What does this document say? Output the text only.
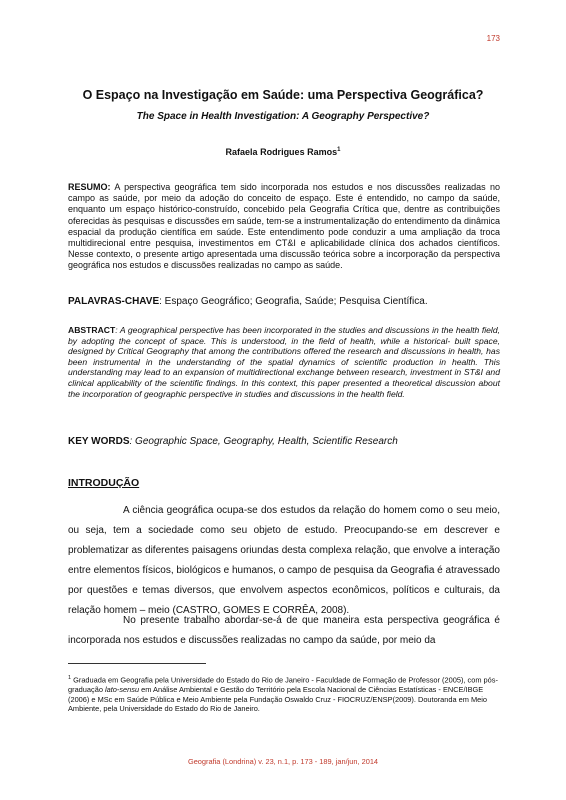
173
O Espaço na Investigação em Saúde: uma Perspectiva Geográfica?
The Space in Health Investigation: A Geography Perspective?
Rafaela Rodrigues Ramos$^1$

RESUMO: A perspectiva geográfica tem sido incorporada nos estudos e nos discussões realizadas no campo as saúde, por meio da adoção do conceito de espaço. Este é entendido, no campo da saúde, enquanto um espaço histórico-construído, concebido pela Geografia Crítica que, dentre as contribuições oferecidas às pesquisas e discussões em saúde, tem-se a instrumentalização do entendimento da dinâmica espacial da produção científica em saúde. Este entendimento pode conduzir a uma ampliação da troca multidirecional entre pesquisa, investimentos em CT&I e aplicabilidade clínica dos achados científicos. Nesse contexto, o presente artigo apresentada uma discussão teórica sobre a incorporação da perspectiva geográfica nos estudos e discussões realizadas no campo as saúde.

PALAVRAS-CHAVE: Espaço Geográfico; Geografia, Saúde; Pesquisa Científica.

ABSTRACT: A geographical perspective has been incorporated in the studies and discussions in the health field, by adopting the concept of space. This is understood, in the field of health, while a historical- built space, designed by Critical Geography that among the contributions offered the research and discussions in health, has been instrumental in the understanding of the spatial dynamics of scientific production in health. This understanding may lead to an expansion of multidirectional exchange between research, investment in ST&I and clinical applicability of the scientific findings. In this context, this paper presented a theoretical discussion about the incorporation of geographic perspective in studies and discussions in the health field.

KEY WORDS: Geographic Space, Geography, Health, Scientific Research

INTRODUÇÃO

A ciência geográfica ocupa-se dos estudos da relação do homem como o seu meio, ou seja, tem a sociedade como seu objeto de estudo. Preocupando-se em descrever e problematizar as diferentes paisagens oriundas desta complexa relação, que envolve a interação entre elementos físicos, biológicos e humanos, o campo de pesquisa da Geografia é atravessado por questões e temas diversos, que envolvem aspectos econômicos, políticos e culturais, da relação homem – meio (CASTRO, GOMES E CORRÊA, 2008).

No presente trabalho abordar-se-á de que maneira esta perspectiva geográfica é incorporada nos estudos e discussões realizadas no campo da saúde, por meio da

$^1$ Graduada em Geografia pela Universidade do Estado do Rio de Janeiro - Faculdade de Formação de Professor (2005), com pós-graduação lato-sensu em Análise Ambiental e Gestão do Território pela Escola Nacional de Ciências Estatísticas - ENCE/IBGE (2006) e MSc em Saúde Pública e Meio Ambiente pela Fundação Oswaldo Cruz - FIOCRUZ/ENSP(2009). Doutoranda em Meio Ambiente, pela Universidade do Estado do Rio de Janeiro.

Geografia (Londrina) v. 23, n.1, p. 173 - 189, jan/jun, 2014
